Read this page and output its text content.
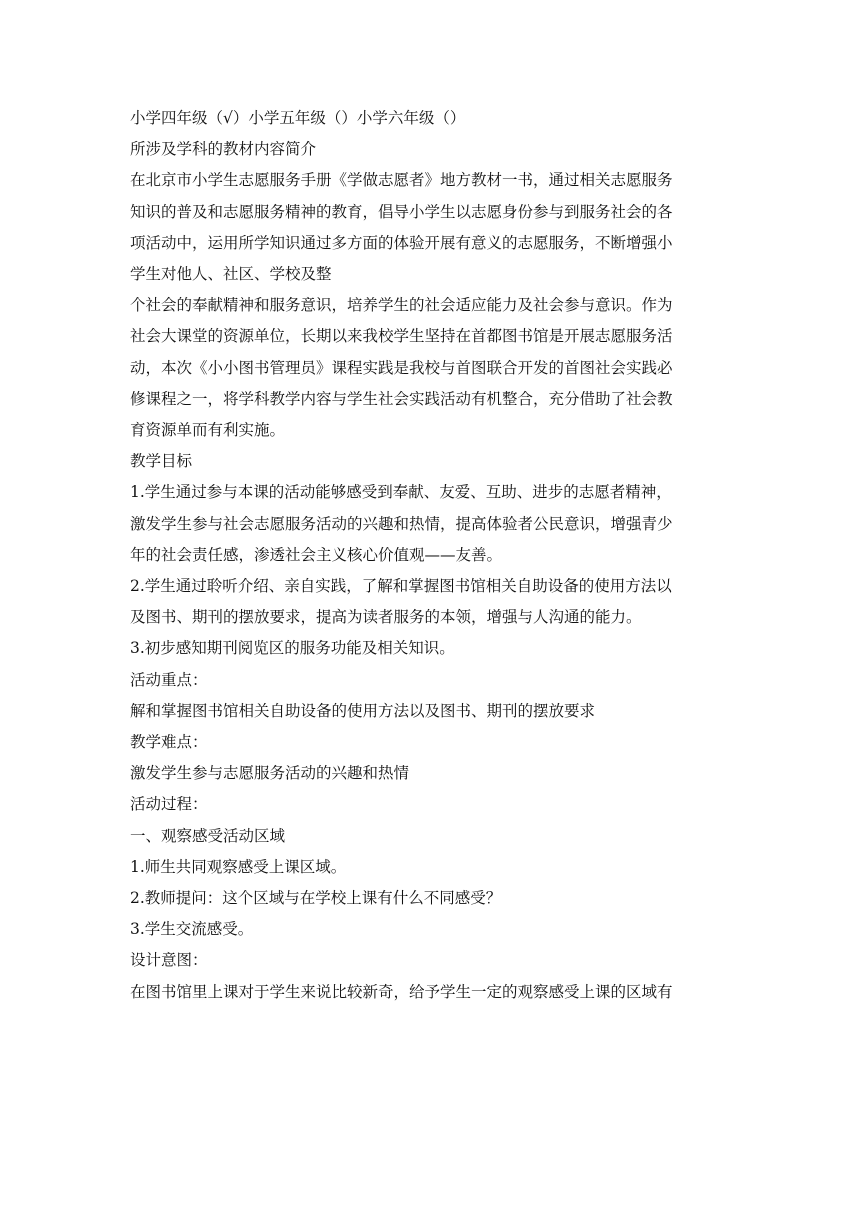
小学四年级（√）小学五年级（）小学六年级（）

所涉及学科的教材内容简介

在北京市小学生志愿服务手册《学做志愿者》地方教材一书，通过相关志愿服务

知识的普及和志愿服务精神的教育，倡导小学生以志愿身份参与到服务社会的各

项活动中，运用所学知识通过多方面的体验开展有意义的志愿服务，不断增强小

学生对他人、社区、学校及整

个社会的奉献精神和服务意识，培养学生的社会适应能力及社会参与意识。作为

社会大课堂的资源单位，长期以来我校学生坚持在首都图书馆是开展志愿服务活

动，本次《小小图书管理员》课程实践是我校与首图联合开发的首图社会实践必

修课程之一，将学科教学内容与学生社会实践活动有机整合，充分借助了社会教

育资源单而有利实施。

教学目标

1.学生通过参与本课的活动能够感受到奉献、友爱、互助、进步的志愿者精神，

激发学生参与社会志愿服务活动的兴趣和热情，提高体验者公民意识，增强青少

年的社会责任感，渗透社会主义核心价值观——友善。

2.学生通过聆听介绍、亲自实践，了解和掌握图书馆相关自助设备的使用方法以

及图书、期刊的摆放要求，提高为读者服务的本领，增强与人沟通的能力。

3.初步感知期刊阅览区的服务功能及相关知识。

活动重点：

解和掌握图书馆相关自助设备的使用方法以及图书、期刊的摆放要求

教学难点：

激发学生参与志愿服务活动的兴趣和热情

活动过程：

一、观察感受活动区域

1.师生共同观察感受上课区域。

2.教师提问：这个区域与在学校上课有什么不同感受？

3.学生交流感受。

设计意图：

在图书馆里上课对于学生来说比较新奇，给予学生一定的观察感受上课的区域有
